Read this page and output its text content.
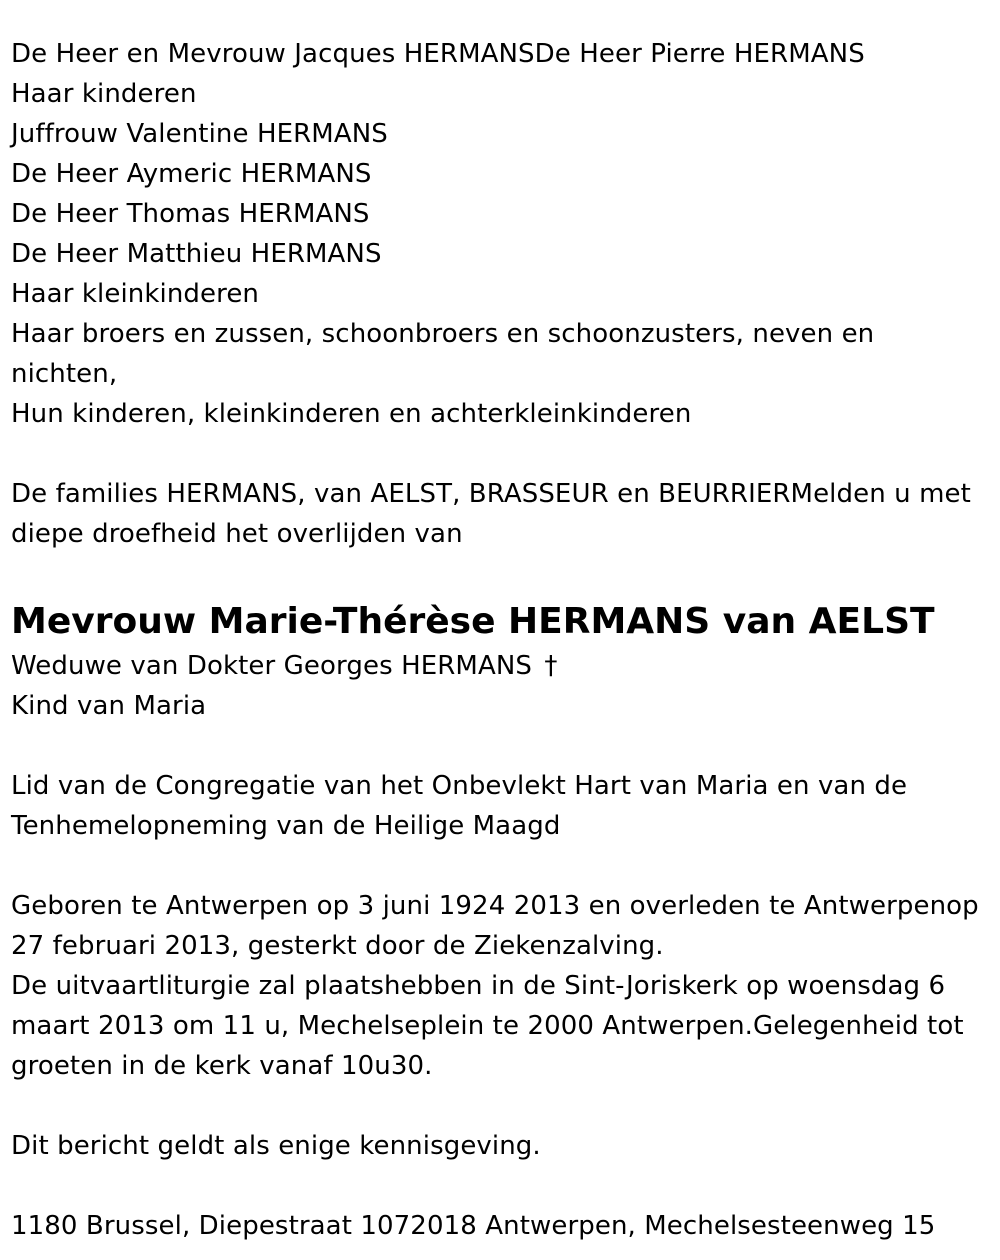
De Heer en Mevrouw Jacques HERMANSDe Heer Pierre HERMANS
Haar kinderen
Juffrouw Valentine HERMANS
De Heer Aymeric HERMANS
De Heer Thomas HERMANS
De Heer Matthieu HERMANS
Haar kleinkinderen
Haar broers en zussen, schoonbroers en schoonzusters, neven en
nichten,
Hun kinderen, kleinkinderen en achterkleinkinderen
De families HERMANS, van AELST, BRASSEUR en BEURRIERMelden u met
diepe droefheid het overlijden van
Mevrouw Marie-Thérèse HERMANS van AELST
Weduwe van Dokter Georges HERMANS †
Kind van Maria
Lid van de Congregatie van het Onbevlekt Hart van Maria en van de
Tenhemelopneming van de Heilige Maagd
Geboren te Antwerpen op 3 juni 1924 2013 en overleden te Antwerpenop
27 februari 2013, gesterkt door de Ziekenzalving.
De uitvaartliturgie zal plaatshebben in de Sint-Joriskerk op woensdag 6
maart 2013 om 11 u, Mechelseplein te 2000 Antwerpen.Gelegenheid tot
groeten in de kerk vanaf 10u30.
Dit bericht geldt als enige kennisgeving.
1180 Brussel, Diepestraat 1072018 Antwerpen, Mechelsesteenweg 15
